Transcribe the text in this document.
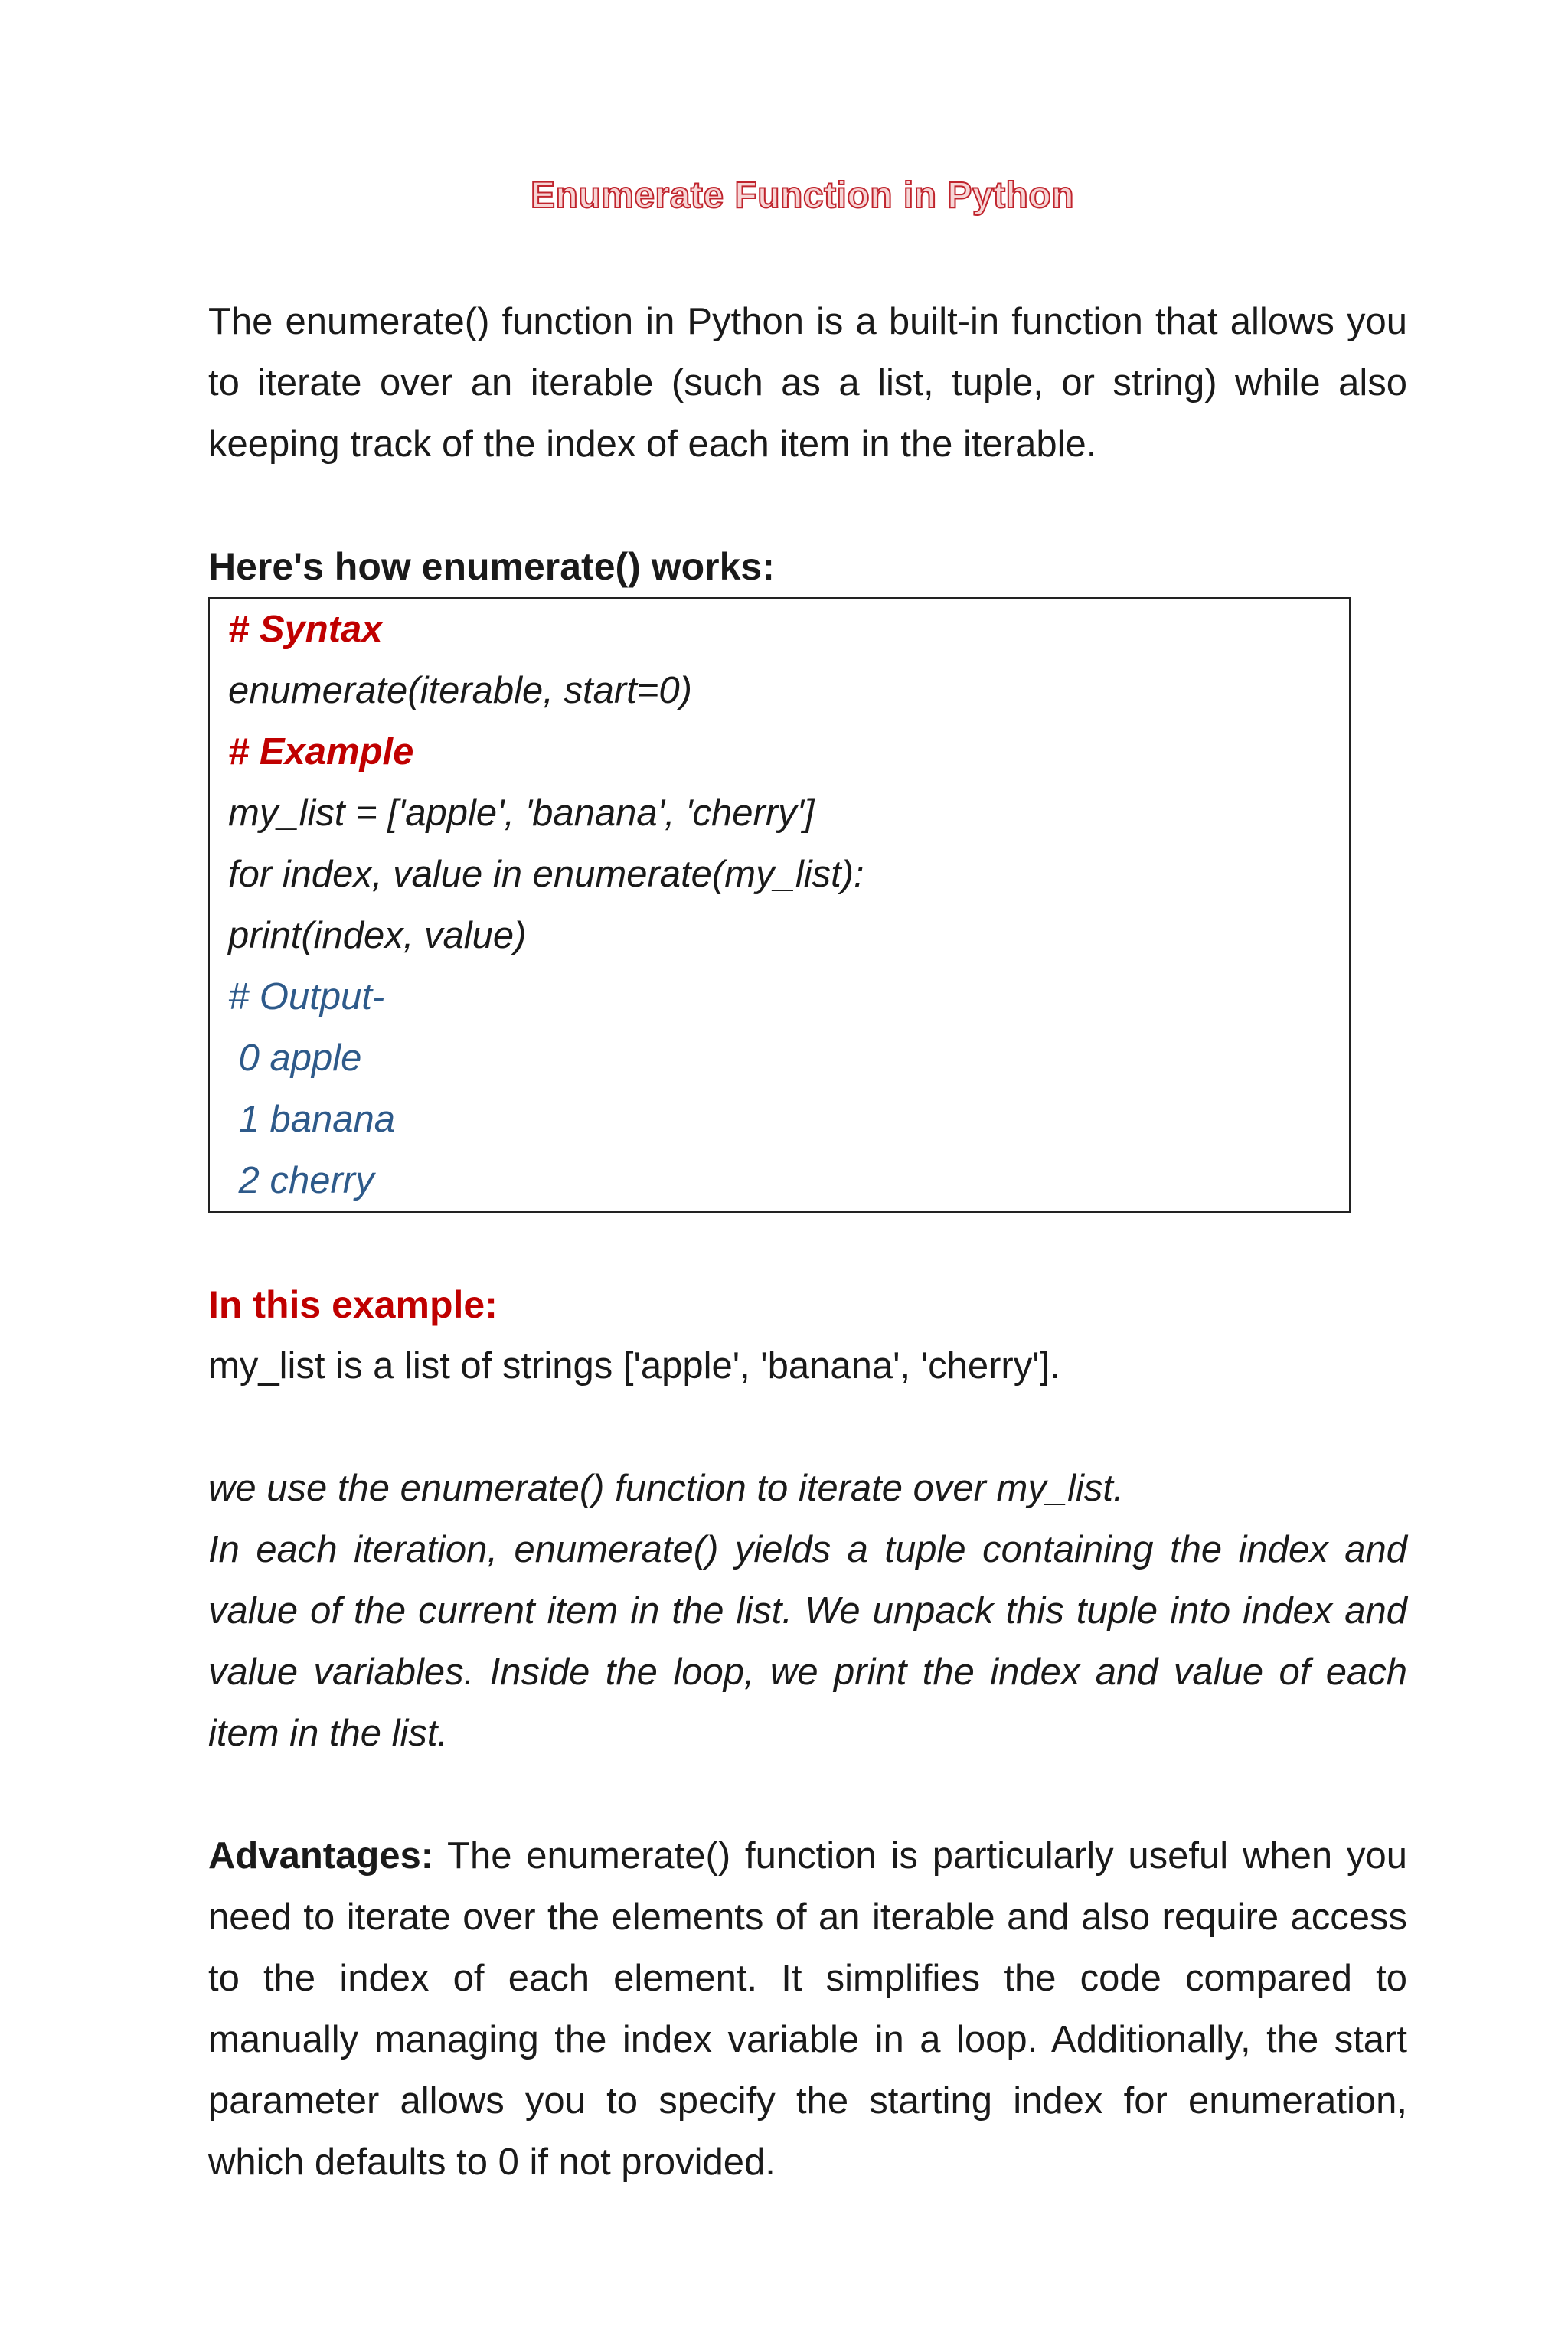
Enumerate Function in Python

The enumerate() function in Python is a built-in function that allows you to iterate over an iterable (such as a list, tuple, or string) while also keeping track of the index of each item in the iterable.

Here's how enumerate() works:

# Syntax

enumerate(iterable, start=0)

# Example

my_list = ['apple', 'banana', 'cherry']

for index, value in enumerate(my_list):

print(index, value)

# Output-

0 apple

1 banana

2 cherry

In this example:

my_list is a list of strings ['apple', 'banana', 'cherry'].

we use the enumerate() function to iterate over my_list.

In each iteration, enumerate() yields a tuple containing the index and value of the current item in the list. We unpack this tuple into index and value variables. Inside the loop, we print the index and value of each item in the list.

Advantages: The enumerate() function is particularly useful when you need to iterate over the elements of an iterable and also require access to the index of each element. It simplifies the code compared to manually managing the index variable in a loop. Additionally, the start parameter allows you to specify the starting index for enumeration, which defaults to 0 if not provided.
